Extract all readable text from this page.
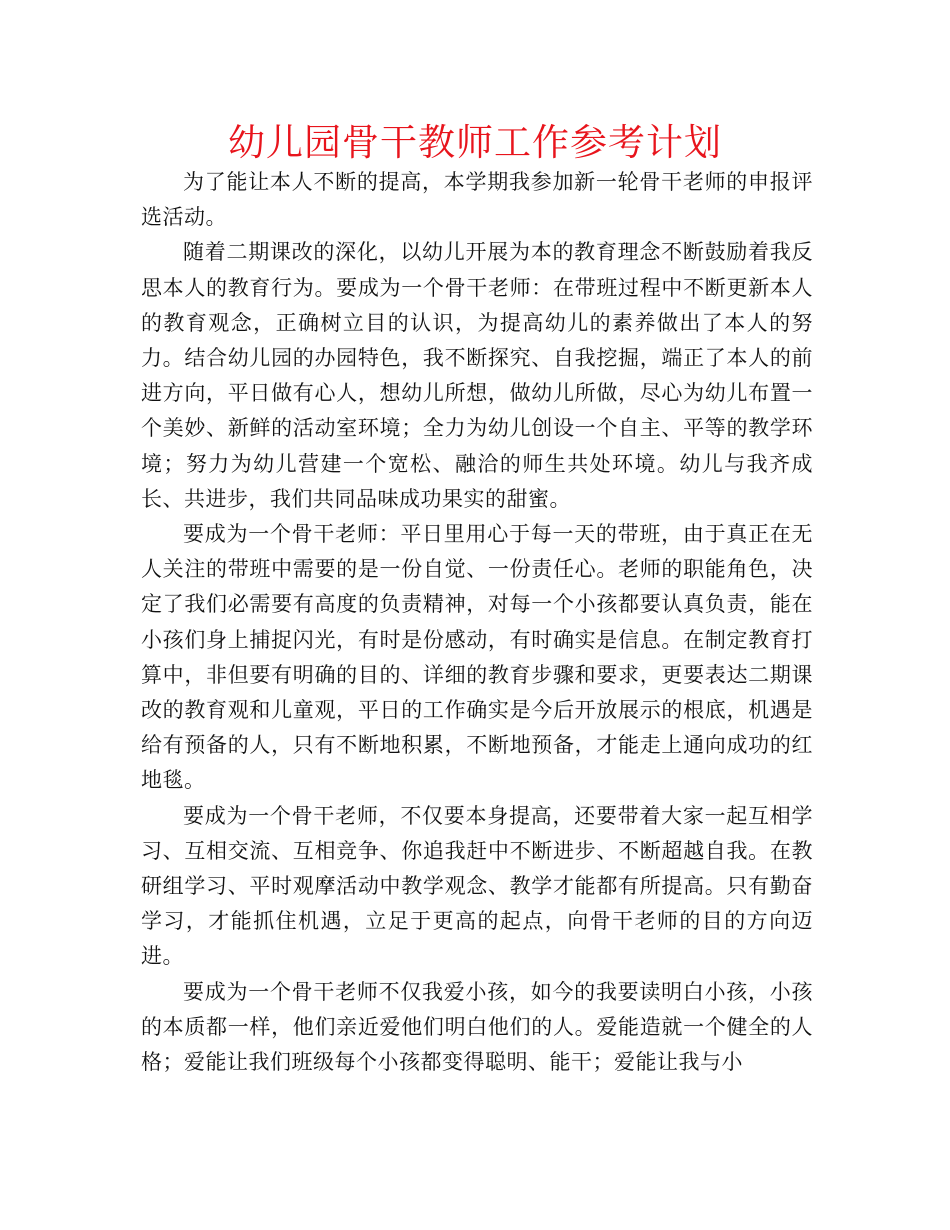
幼儿园骨干教师工作参考计划

为了能让本人不断的提高，本学期我参加新一轮骨干老师的申报评选活动。

随着二期课改的深化，以幼儿开展为本的教育理念不断鼓励着我反思本人的教育行为。要成为一个骨干老师：在带班过程中不断更新本人的教育观念，正确树立目的认识，为提高幼儿的素养做出了本人的努力。结合幼儿园的办园特色，我不断探究、自我挖掘，端正了本人的前进方向，平日做有心人，想幼儿所想，做幼儿所做，尽心为幼儿布置一个美妙、新鲜的活动室环境；全力为幼儿创设一个自主、平等的教学环境；努力为幼儿营建一个宽松、融洽的师生共处环境。幼儿与我齐成长、共进步，我们共同品味成功果实的甜蜜。

要成为一个骨干老师：平日里用心于每一天的带班，由于真正在无人关注的带班中需要的是一份自觉、一份责任心。老师的职能角色，决定了我们必需要有高度的负责精神，对每一个小孩都要认真负责，能在小孩们身上捕捉闪光，有时是份感动，有时确实是信息。在制定教育打算中，非但要有明确的目的、详细的教育步骤和要求，更要表达二期课改的教育观和儿童观，平日的工作确实是今后开放展示的根底，机遇是给有预备的人，只有不断地积累，不断地预备，才能走上通向成功的红地毯。

要成为一个骨干老师，不仅要本身提高，还要带着大家一起互相学习、互相交流、互相竞争、你追我赶中不断进步、不断超越自我。在教研组学习、平时观摩活动中教学观念、教学才能都有所提高。只有勤奋学习，才能抓住机遇，立足于更高的起点，向骨干老师的目的方向迈进。

要成为一个骨干老师不仅我爱小孩，如今的我要读明白小孩，小孩的本质都一样，他们亲近爱他们明白他们的人。爱能造就一个健全的人格；爱能让我们班级每个小孩都变得聪明、能干；爱能让我与小
